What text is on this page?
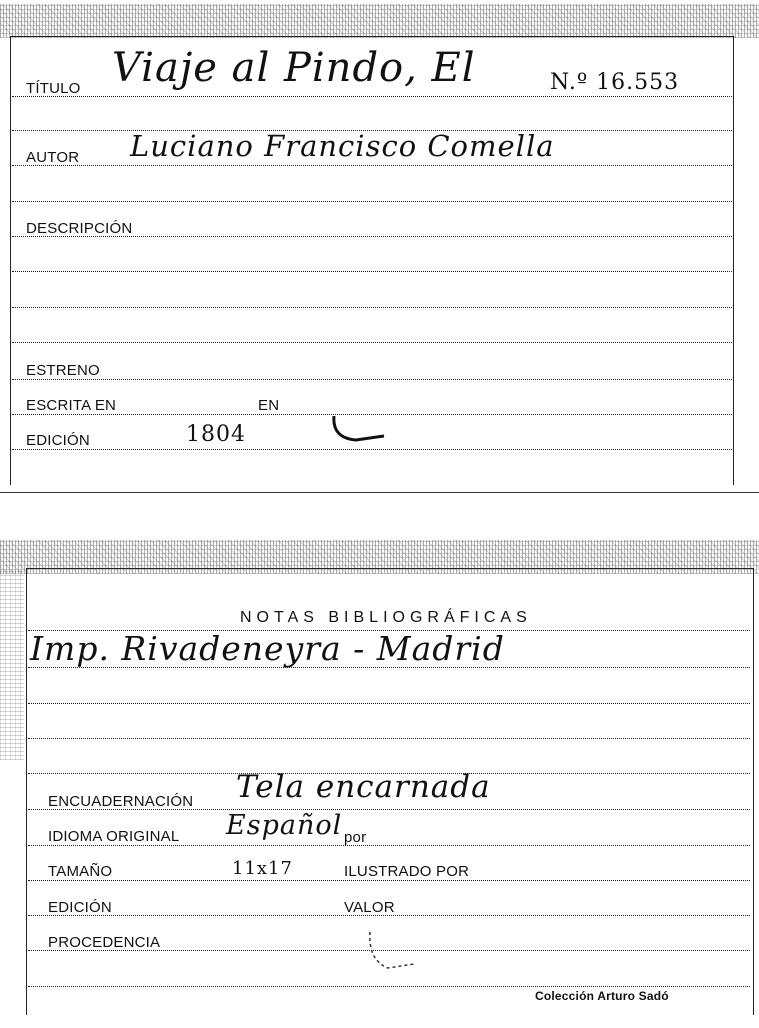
TÍTULO Viaje al Pindo, El	N.º 16.553
AUTOR Luciano Francisco Comella
DESCRIPCIÓN
ESTRENO
ESCRITA EN	EN
EDICIÓN	1804
NOTAS BIBLIOGRÁFICAS
Imp. Rivadeneyra - Madrid
ENCUADERNACIÓN Tela encarnada
IDIOMA ORIGINAL Español por
TAMAÑO	11x17	ILUSTRADO POR
EDICIÓN	VALOR
PROCEDENCIA
Colección Arturo Sadó
